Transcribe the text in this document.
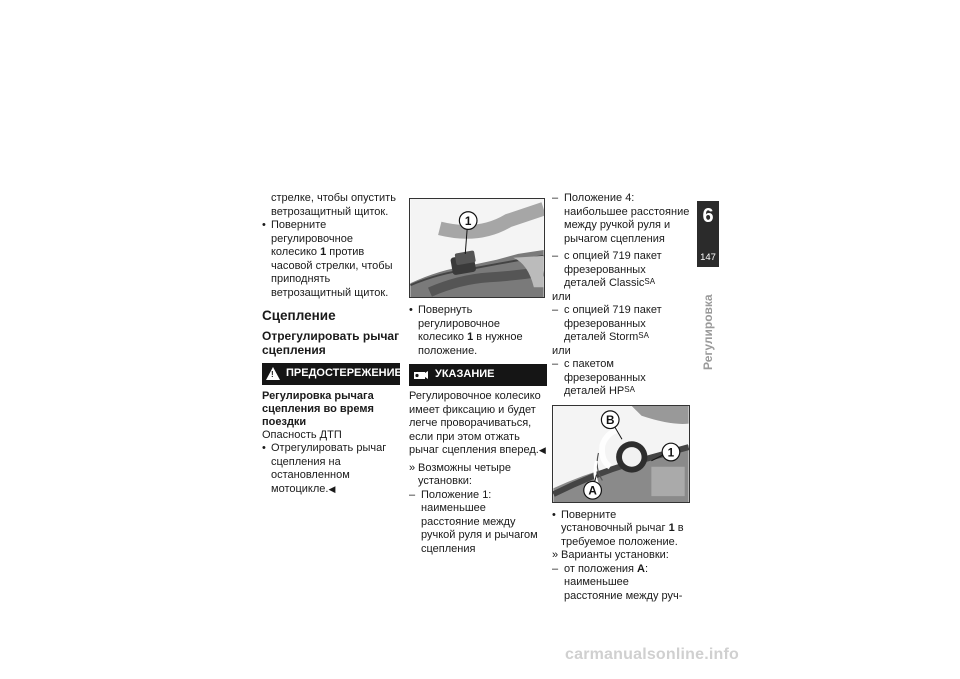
стрелке, чтобы опустить
ветрозащитный щиток.

• Поверните регулировочное колесико 1 против часовой стрелки, чтобы приподнять ветрозащитный щиток.

Сцепление
Отрегулировать рычаг сцепления
! ПРЕДОСТЕРЕЖЕНИЕ
Регулировка рычага сцепления во время поездки

Опасность ДТП

• Отрегулировать рычаг сцепления на остановленном мотоцикле.◀

1

• Повернуть регулировочное колесико 1 в нужное положение.

УКАЗАНИЕ

Регулировочное колесико имеет фиксацию и будет легче проворачиваться, если при этом отжать рычаг сцепления вперед.◀

» Возможны четыре установки:

– Положение 1: наименьшее расстояние между ручкой руля и рычагом сцепления

– Положение 4: наибольшее расстояние между ручкой руля и рычагом сцепления

– с опцией 719 пакет фрезерованных деталей Classic$^{SA}$

или

– с опцией 719 пакет фрезерованных деталей Storm$^{SA}$

или

– с пакетом фрезерованных деталей $HP^{SA}$

B
1
A

• Поверните установочный рычаг 1 в требуемое положение.

» Варианты установки:

– от положения A: наименьшее расстояние между руч-

6
147
Регулировка
carmanualsonline.info
